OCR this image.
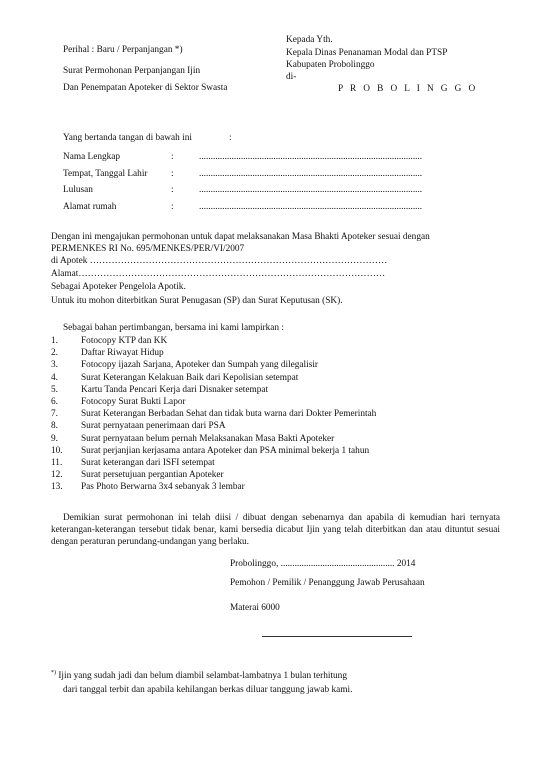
Perihal : Baru / Perpanjangan *)
Surat Permohonan Perpanjangan Ijin
Dan Penempatan Apoteker di Sektor Swasta
Kepada Yth.
Kepala Dinas Penanaman Modal dan PTSP
Kabupaten Probolinggo
di-
P R O B O L I N G G O
Yang bertanda tangan di bawah ini	:
Nama Lengkap	:	................................................................................................
Tempat, Tanggal Lahir	:	................................................................................................
Lulusan	:	................................................................................................
Alamat rumah	:	................................................................................................
Dengan ini mengajukan permohonan untuk dapat melaksanakan Masa Bhakti Apoteker sesuai dengan
PERMENKES RI No. 695/MENKES/PER/VI/2007
di Apotek ……………………………………………………………………………………
Alamat………………………………………………………………………………………
Sebagai Apoteker Pengelola Apotik.
Untuk itu mohon diterbitkan Surat Penugasan (SP) dan Surat Keputusan (SK).
Sebagai bahan pertimbangan, bersama ini kami lampirkan :
1. Fotocopy KTP dan KK
2. Daftar Riwayat Hidup
3. Fotocopy ijazah Sarjana, Apoteker dan Sumpah yang dilegalisir
4. Surat Keterangan Kelakuan Baik dari Kepolisian setempat
5. Kartu Tanda Pencari Kerja dari Disnaker setempat
6. Fotocopy Surat Bukti Lapor
7. Surat Keterangan Berbadan Sehat dan tidak buta warna dari Dokter Pemerintah
8. Surat pernyataan penerimaan dari PSA
9. Surat pernyataan belum pernah Melaksanakan Masa Bakti Apoteker
10. Surat perjanjian kerjasama antara Apoteker dan PSA minimal bekerja 1 tahun
11. Surat keterangan dari ISFI setempat
12. Surat persetujuan pergantian Apoteker
13. Pas Photo Berwarna 3x4 sebanyak 3 lembar
Demikian surat permohonan ini telah diisi / dibuat dengan sebenarnya dan apabila di kemudian hari ternyata keterangan-keterangan tersebut tidak benar, kami bersedia dicabut Ijin yang telah diterbitkan dan atau dituntut sesuai dengan peraturan perundang-undangan yang berlaku.
Probolinggo, ................................................. 2014
Pemohon / Pemilik / Penanggung Jawab Perusahaan
Materai 6000
*) Ijin yang sudah jadi dan belum diambil selambat-lambatnya 1 bulan terhitung
dari tanggal terbit dan apabila kehilangan berkas diluar tanggung jawab kami.
